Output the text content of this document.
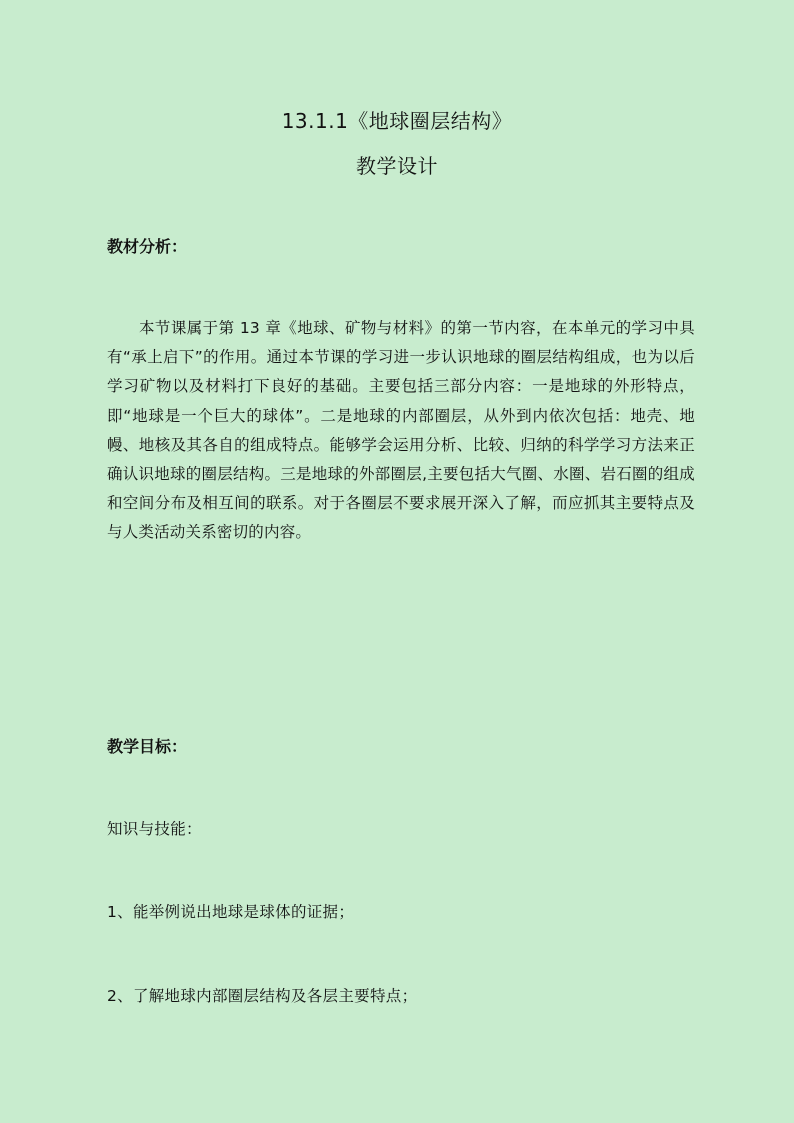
13.1.1《地球圈层结构》
教学设计
教材分析：
本节课属于第 13 章《地球、矿物与材料》的第一节内容，在本单元的学习中具有“承上启下”的作用。通过本节课的学习进一步认识地球的圈层结构组成，也为以后学习矿物以及材料打下良好的基础。主要包括三部分内容：一是地球的外形特点，即“地球是一个巨大的球体”。二是地球的内部圈层，从外到内依次包括：地壳、地幔、地核及其各自的组成特点。能够学会运用分析、比较、归纳的科学学习方法来正确认识地球的圈层结构。三是地球的外部圈层,主要包括大气圈、水圈、岩石圈的组成和空间分布及相互间的联系。对于各圈层不要求展开深入了解，而应抓其主要特点及与人类活动关系密切的内容。
教学目标：
知识与技能：
1、能举例说出地球是球体的证据；
2、了解地球内部圈层结构及各层主要特点；
